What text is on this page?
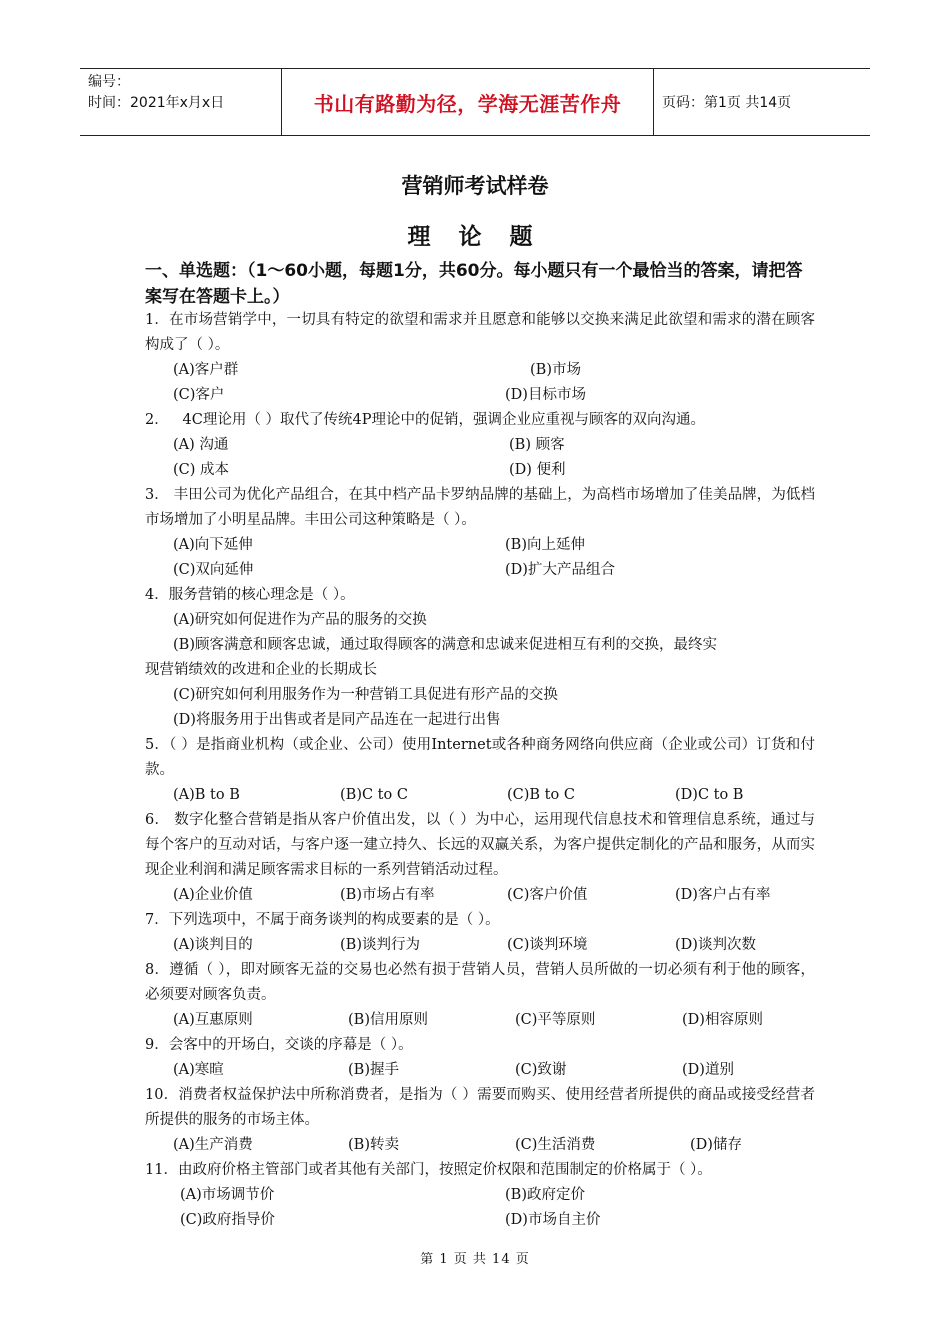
编号：
时间：2021年x月x日	书山有路勤为径，学海无涯苦作舟	页码：第1页 共14页
营销师考试样卷
理 论 题
一、单选题：（1～60小题，每题1分，共60分。每小题只有一个最恰当的答案，请把答案写在答题卡上。）
1．在市场营销学中，一切具有特定的欲望和需求并且愿意和能够以交换来满足此欲望和需求的潜在顾客构成了（ ）。
(A)客户群	(B)市场
(C)客户	(D)目标市场
2．   4C理论用（ ）取代了传统4P理论中的促销，强调企业应重视与顾客的双向沟通。
(A) 沟通	(B) 顾客
(C) 成本	(D) 便利
3． 丰田公司为优化产品组合，在其中档产品卡罗纳品牌的基础上，为高档市场增加了佳美品牌，为低档市场增加了小明星品牌。丰田公司这种策略是（ ）。
(A)向下延伸	(B)向上延伸
(C)双向延伸	(D)扩大产品组合
4．服务营销的核心理念是（ ）。
(A)研究如何促进作为产品的服务的交换
(B)顾客满意和顾客忠诚，通过取得顾客的满意和忠诚来促进相互有利的交换，最终实
现营销绩效的改进和企业的长期成长
(C)研究如何利用服务作为一种营销工具促进有形产品的交换
(D)将服务用于出售或者是同产品连在一起进行出售
5．（ ）是指商业机构（或企业、公司）使用Internet或各种商务网络向供应商（企业或公司）订货和付款。
(A)B to B	(B)C to C	(C)B to C	(D)C to B
6． 数字化整合营销是指从客户价值出发，以（ ）为中心，运用现代信息技术和管理信息系统，通过与每个客户的互动对话，与客户逐一建立持久、长远的双赢关系，为客户提供定制化的产品和服务，从而实现企业利润和满足顾客需求目标的一系列营销活动过程。
(A)企业价值	(B)市场占有率	(C)客户价值	(D)客户占有率
7．下列选项中，不属于商务谈判的构成要素的是（ ）。
(A)谈判目的	(B)谈判行为	(C)谈判环境	(D)谈判次数
8．遵循（ ），即对顾客无益的交易也必然有损于营销人员，营销人员所做的一切必须有利于他的顾客，必须要对顾客负责。
(A)互惠原则	(B)信用原则	(C)平等原则	(D)相容原则
9．会客中的开场白，交谈的序幕是（ ）。
(A)寒暄	(B)握手	(C)致谢	(D)道别
10．消费者权益保护法中所称消费者，是指为（ ）需要而购买、使用经营者所提供的商品或接受经营者所提供的服务的市场主体。
(A)生产消费	(B)转卖	(C)生活消费	(D)储存
11．由政府价格主管部门或者其他有关部门，按照定价权限和范围制定的价格属于（ ）。
(A)市场调节价	(B)政府定价
(C)政府指导价	(D)市场自主价
第 1 页 共 14 页
